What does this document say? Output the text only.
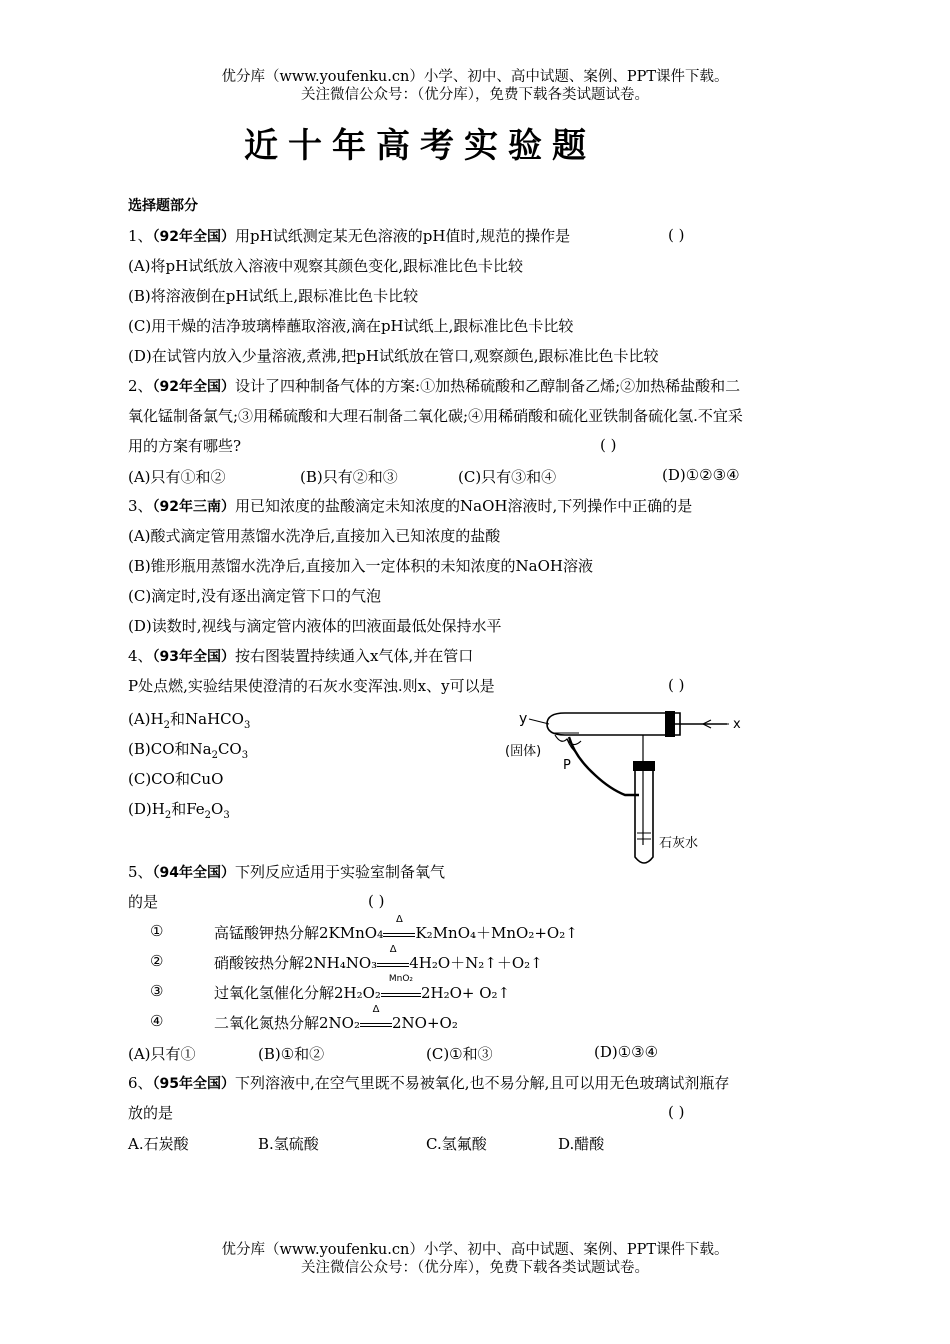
优分库（www.youfenku.cn）小学、初中、高中试题、案例、PPT课件下载。
关注微信公众号：（优分库），免费下载各类试题试卷。
近十年高考实验题
选择题部分
1、（92年全国）用pH试纸测定某无色溶液的pH值时,规范的操作是	( )
(A)将pH试纸放入溶液中观察其颜色变化,跟标准比色卡比较
(B)将溶液倒在pH试纸上,跟标准比色卡比较
(C)用干燥的洁净玻璃棒蘸取溶液,滴在pH试纸上,跟标准比色卡比较
(D)在试管内放入少量溶液,煮沸,把pH试纸放在管口,观察颜色,跟标准比色卡比较
2、（92年全国）设计了四种制备气体的方案:①加热稀硫酸和乙醇制备乙烯;②加热稀盐酸和二
氧化锰制备氯气;③用稀硫酸和大理石制备二氧化碳;④用稀硝酸和硫化亚铁制备硫化氢.不宜采
用的方案有哪些?	( )
(A)只有①和②	(B)只有②和③	(C)只有③和④	(D)①②③④
3、（92年三南）用已知浓度的盐酸滴定未知浓度的NaOH溶液时,下列操作中正确的是
(A)酸式滴定管用蒸馏水洗净后,直接加入已知浓度的盐酸
(B)锥形瓶用蒸馏水洗净后,直接加入一定体积的未知浓度的NaOH溶液
(C)滴定时,没有逐出滴定管下口的气泡
(D)读数时,视线与滴定管内液体的凹液面最低处保持水平
4、（93年全国）按右图装置持续通入x气体,并在管口
P处点燃,实验结果使澄清的石灰水变浑浊.则x、y可以是	( )
$(A)H_2$和NaHCO$_3$
(B)CO和$Na_2CO_3$
(C)CO和CuO
$(D)H_2$和$Fe_2O_3$
y	x
(固体)
P
石灰水
5、（94年全国）下列反应适用于实验室制备氧气
的是	( )
①	高锰酸钾热分解2KMnO4
Δ
K₂MnO₄＋MnO₂+O₂↑
②	硝酸铵热分解2NH₄NO₃
Δ
4H₂O＋N₂↑＋O₂↑
③	过氧化氢催化分解2H₂O₂
MnO₂
2H₂O+ O₂↑
④	二氧化氮热分解2NO₂
Δ
2NO+O₂
(A)只有①	(B)①和②	(C)①和③	(D)①③④
6、（95年全国）下列溶液中,在空气里既不易被氧化,也不易分解,且可以用无色玻璃试剂瓶存
放的是	( )
A.石炭酸	B.氢硫酸	C.氢氟酸	D.醋酸
优分库（www.youfenku.cn）小学、初中、高中试题、案例、PPT课件下载。
关注微信公众号：（优分库），免费下载各类试题试卷。
